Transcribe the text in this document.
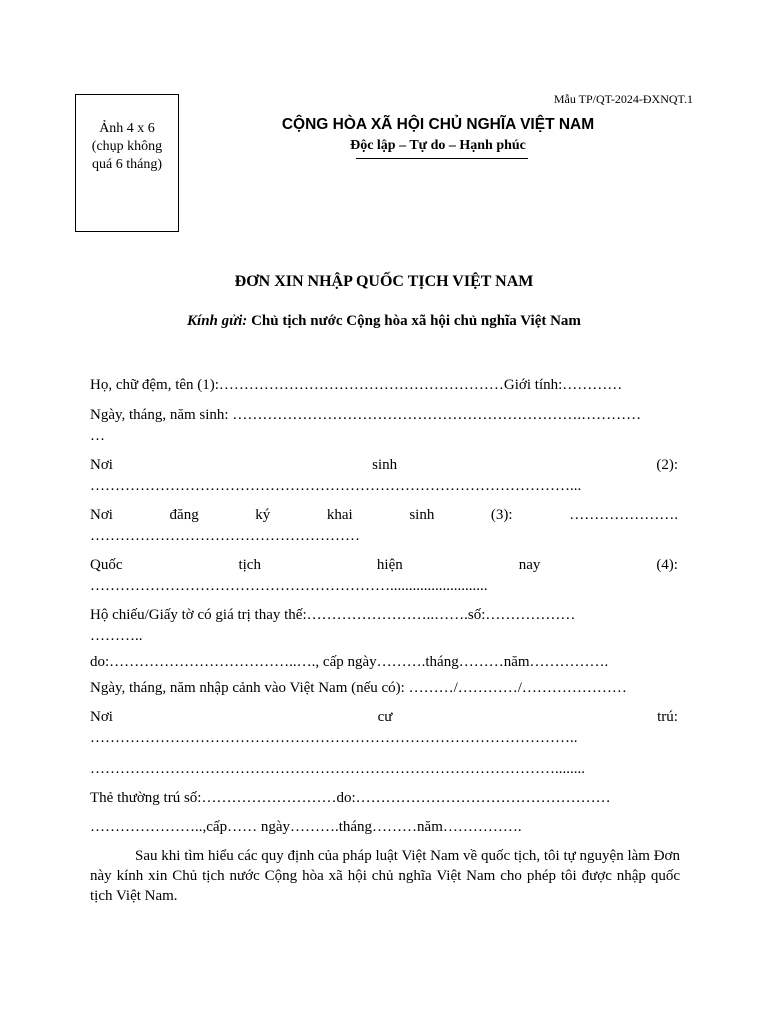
Mẫu TP/QT-2024-ĐXNQT.1
Ảnh 4 x 6
(chụp không
quá 6 tháng)
CỘNG HÒA XÃ HỘI CHỦ NGHĨA VIỆT NAM
Độc lập – Tự do – Hạnh phúc
ĐƠN XIN NHẬP QUỐC TỊCH VIỆT NAM
Kính gửi: Chủ tịch nước Cộng hòa xã hội chủ nghĩa Việt Nam
Họ, chữ đệm, tên (1):…………………………………………………Giới tính:…………
Ngày, tháng, năm sinh: …………………………………………………………….…………
…
Nơi	sinh	(2):
……………………………………………………………………………………...
Nơi	đăng	ký	khai	sinh	(3):	………………….
………………………………………………
Quốc	tịch	hiện	nay	(4):
……………………………………………………..........................
Hộ chiếu/Giấy tờ có giá trị thay thế:……………………..…….số:………………
………..
do:………………………………..…., cấp ngày……….tháng………năm…………….
Ngày, tháng, năm nhập cảnh vào Việt Nam (nếu có): ………/…………/…………………
Nơi	cư	trú:
……………………………………………………………………………………..
…………………………………………………………………………………........
Thẻ thường trú số:………………………do:……………………………………………
…………………..,cấp…… ngày……….tháng………năm…………….
Sau khi tìm hiểu các quy định của pháp luật Việt Nam về quốc tịch, tôi tự nguyện làm Đơn này kính xin Chủ tịch nước Cộng hòa xã hội chủ nghĩa Việt Nam cho phép tôi được nhập quốc tịch Việt Nam.
